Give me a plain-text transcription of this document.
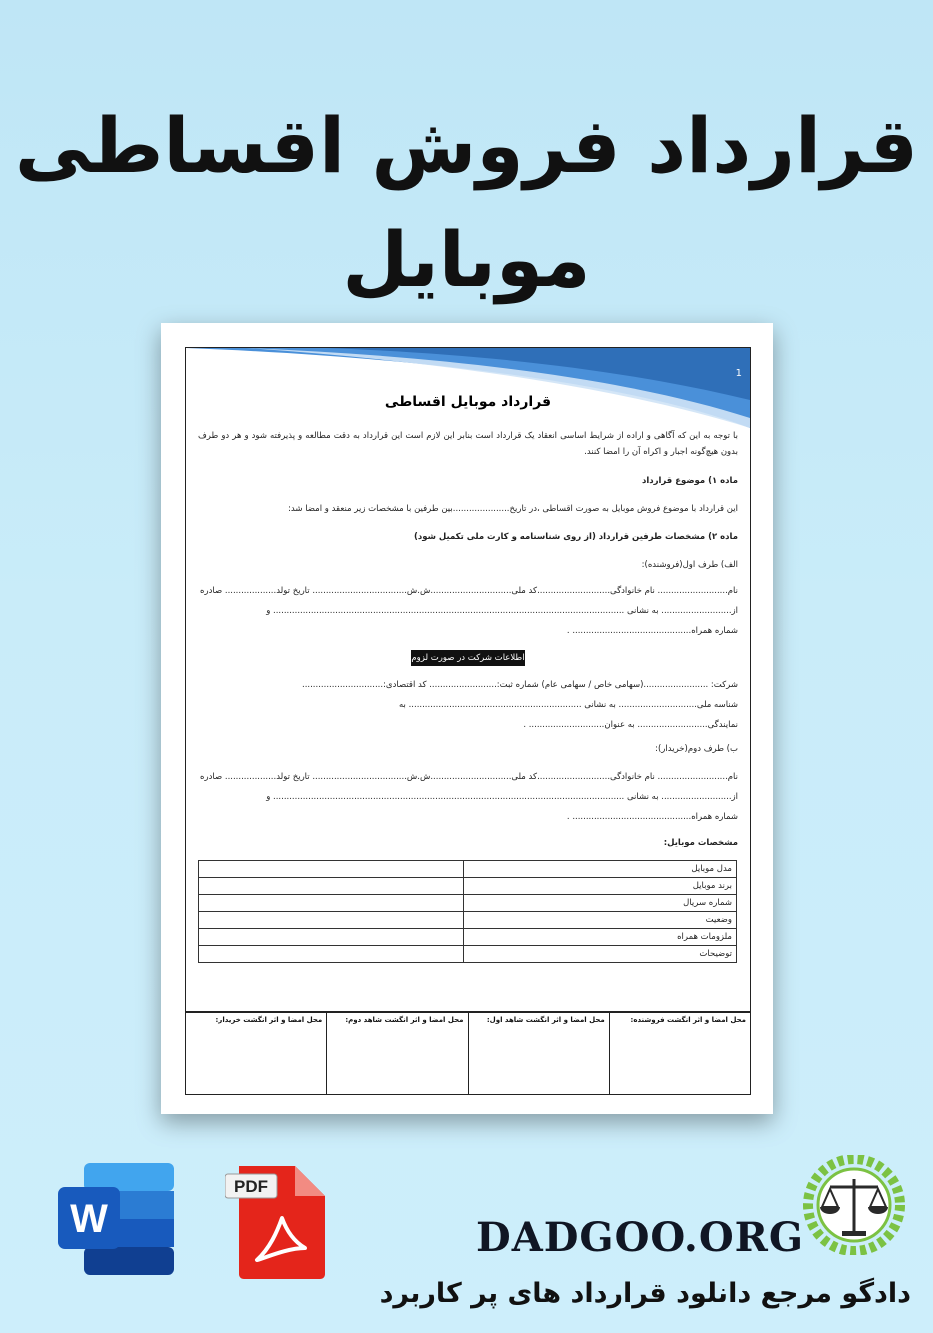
قرارداد فروش اقساطی
موبایل
1
قرارداد موبایل اقساطی
با توجه به این که آگاهی و اراده از شرایط اساسی انعقاد یک قرارداد است بنابر این لازم است این قرارداد به دقت مطالعه و پذیرفته شود و هر دو طرف بدون هیچ‌گونه اجبار و اکراه آن را امضا کنند.
ماده ۱) موضوع قرارداد
این قرارداد با موضوع فروش موبایل به صورت اقساطی ،در تاریخ.....................بین طرفین با مشخصات زیر منعقد و امضا شد:
ماده ۲) مشخصات طرفین قرارداد (از روی شناسنامه و کارت ملی تکمیل شود)
الف) طرف اول(فروشنده):
نام.......................... نام خانوادگی...........................کد ملی..............................ش.ش................................... تاریخ تولد................... صادره
از.......................... به نشانی .................................................................................................................................. و
شماره همراه............................................ .
اطلاعات شرکت در صورت لزوم
شرکت: ........................(سهامی خاص / سهامی عام) شماره ثبت:......................... کد اقتصادی:..............................
شناسه ملی............................. به نشانی ................................................................ به
نمایندگی.......................... به عنوان............................ .
ب) طرف دوم(خریدار):
نام.......................... نام خانوادگی...........................کد ملی..............................ش.ش................................... تاریخ تولد................... صادره
از.......................... به نشانی .................................................................................................................................. و
شماره همراه............................................ .
مشخصات موبایل:
مدل موبایل	
برند موبایل	
شماره سریال	
وضعیت	
ملزومات همراه	
توضیحات	
محل امضا و اثر انگشت فروشنده:
محل امضا و اثر انگشت شاهد اول:
محل امضا و اثر انگشت شاهد دوم:
محل امضا و اثر انگشت خریدار:
W
PDF
DADGOO.ORG
دادگو مرجع دانلود قرارداد های پر کاربرد
